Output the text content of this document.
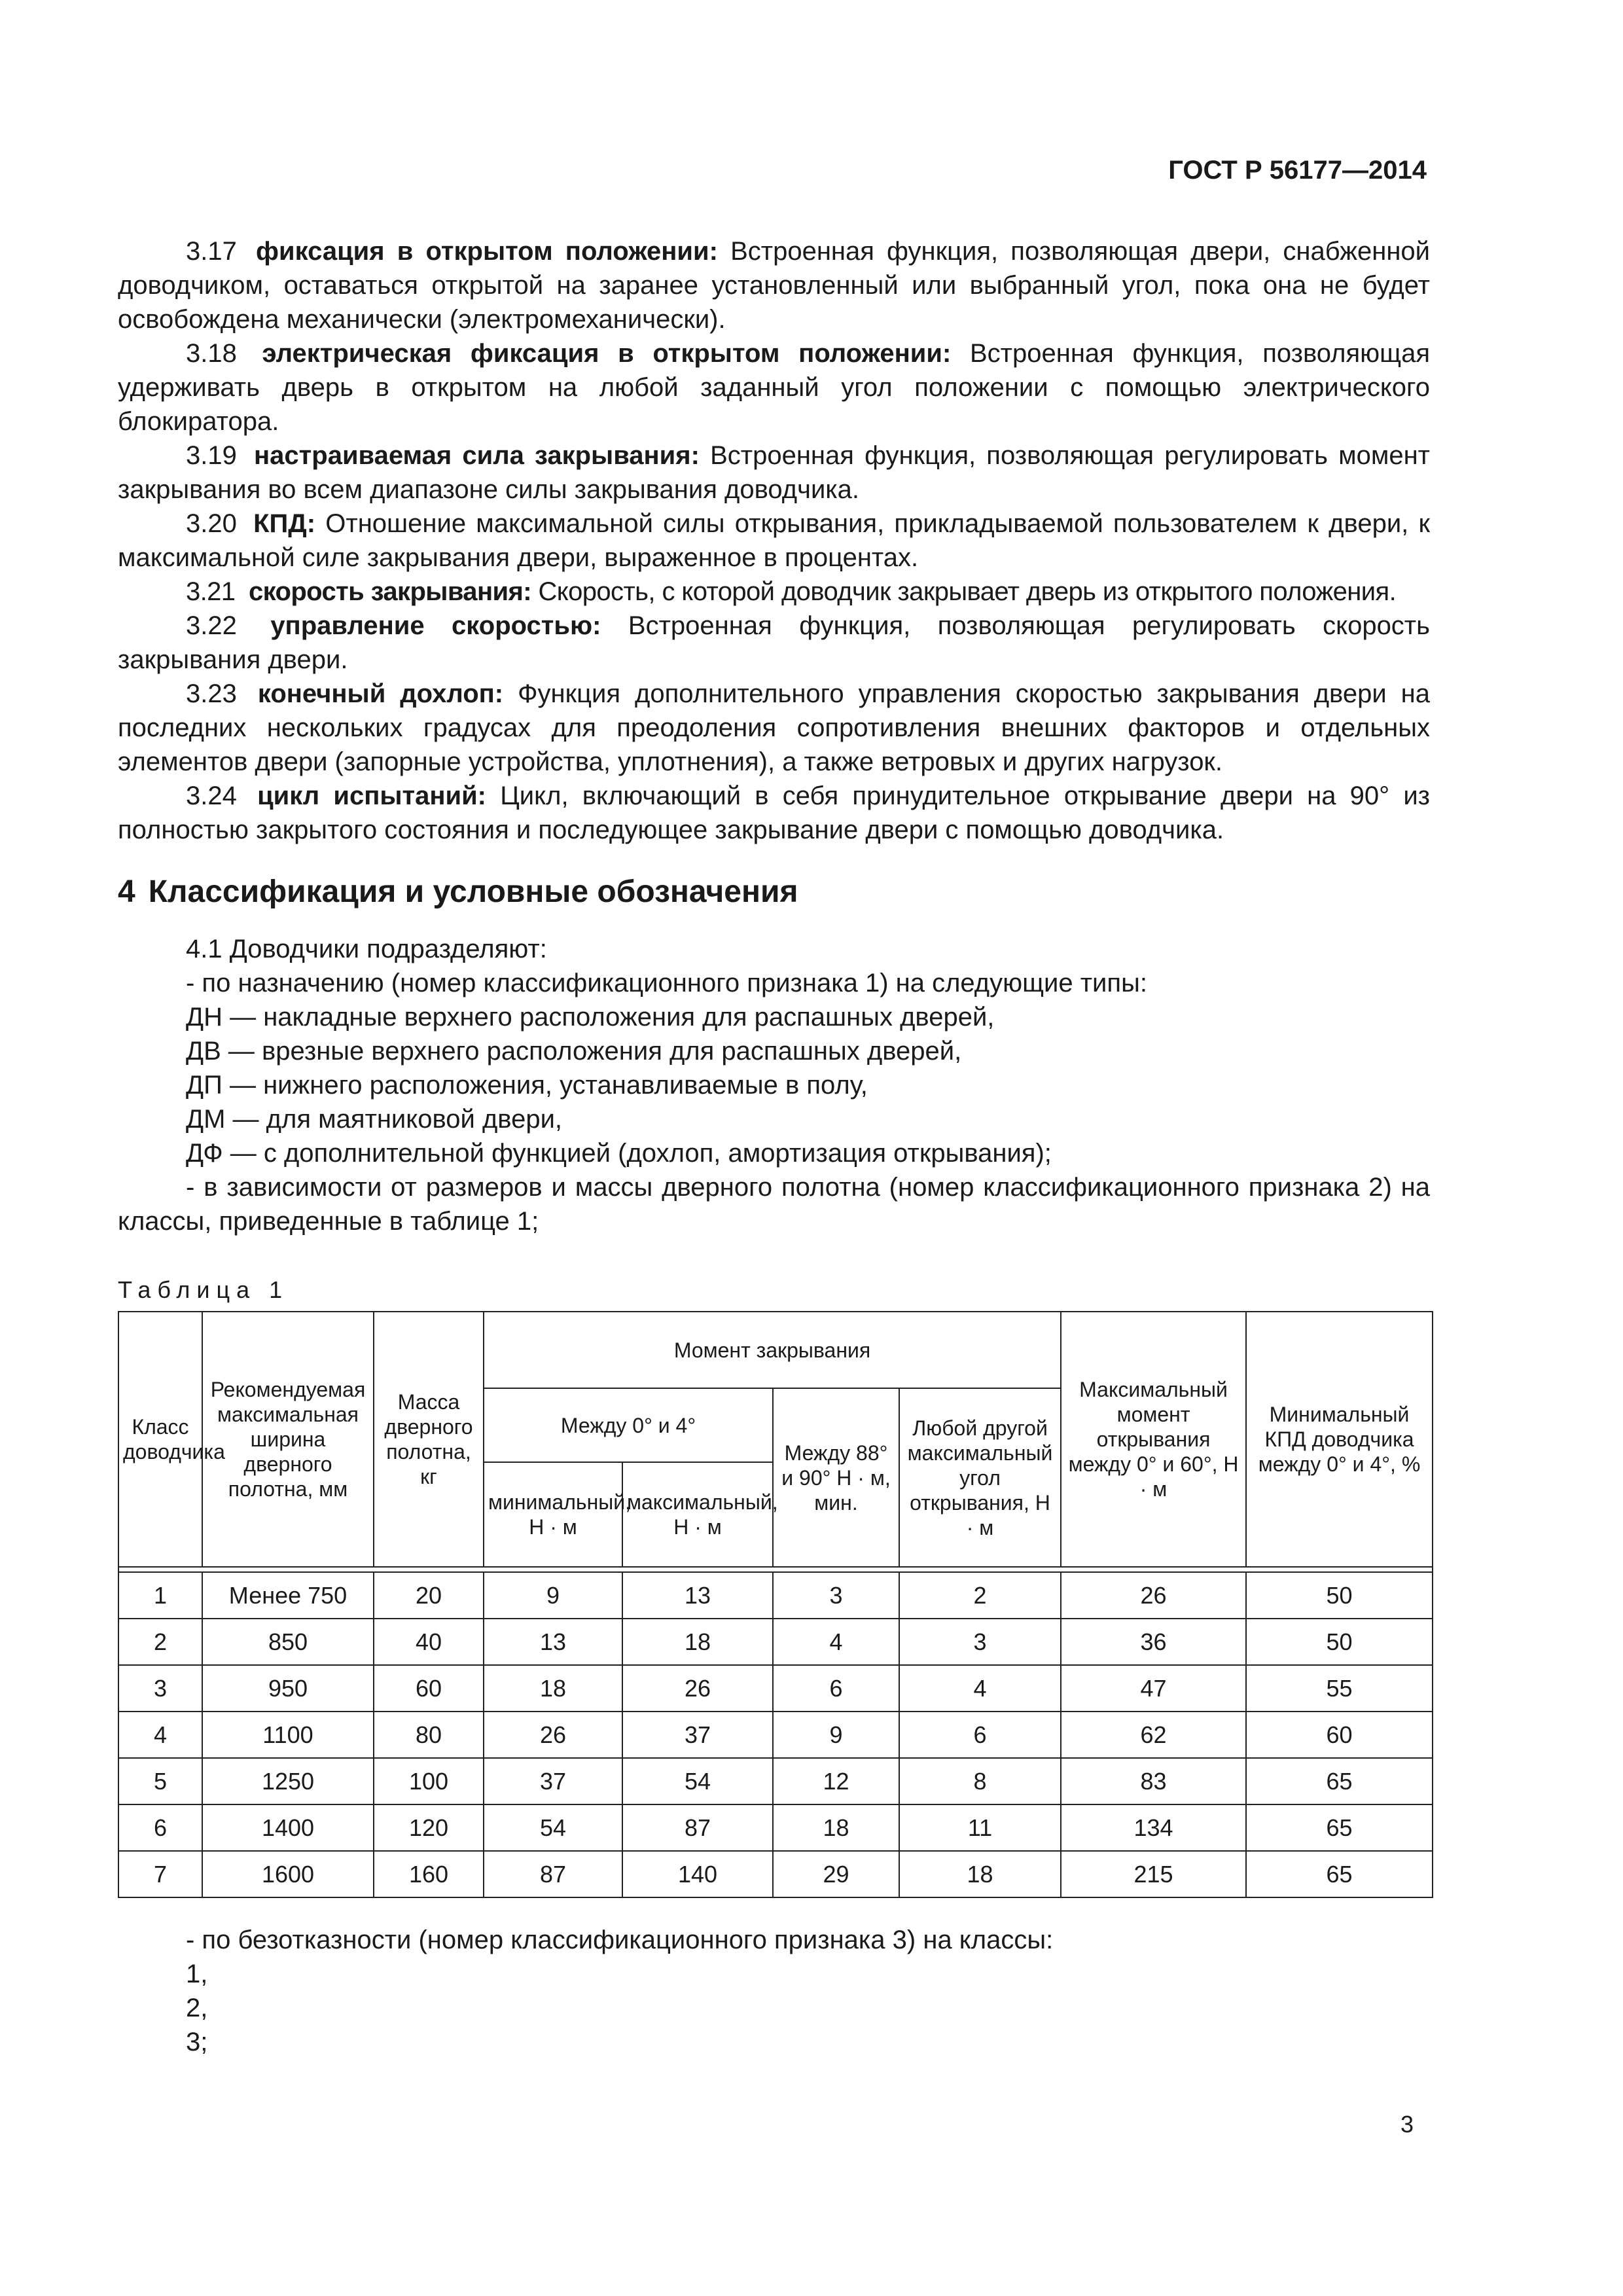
ГОСТ Р 56177—2014

3.17 фиксация в открытом положении: Встроенная функция, позволяющая двери, снабженной доводчиком, оставаться открытой на заранее установленный или выбранный угол, пока она не будет освобождена механически (электромеханически).

3.18 электрическая фиксация в открытом положении: Встроенная функция, позволяющая удерживать дверь в открытом на любой заданный угол положении с помощью электрического блокиратора.

3.19 настраиваемая сила закрывания: Встроенная функция, позволяющая регулировать момент закрывания во всем диапазоне силы закрывания доводчика.

3.20 КПД: Отношение максимальной силы открывания, прикладываемой пользователем к двери, к максимальной силе закрывания двери, выраженное в процентах.

3.21 скорость закрывания: Скорость, с которой доводчик закрывает дверь из открытого положения.

3.22 управление скоростью: Встроенная функция, позволяющая регулировать скорость закрывания двери.

3.23 конечный дохлоп: Функция дополнительного управления скоростью закрывания двери на последних нескольких градусах для преодоления сопротивления внешних факторов и отдельных элементов двери (запорные устройства, уплотнения), а также ветровых и других нагрузок.

3.24 цикл испытаний: Цикл, включающий в себя принудительное открывание двери на 90° из полностью закрытого состояния и последующее закрывание двери с помощью доводчика.

4 Классификация и условные обозначения

4.1 Доводчики подразделяют:

- по назначению (номер классификационного признака 1) на следующие типы:

ДН — накладные верхнего расположения для распашных дверей,

ДВ — врезные верхнего расположения для распашных дверей,

ДП — нижнего расположения, устанавливаемые в полу,

ДМ — для маятниковой двери,

ДФ — с дополнительной функцией (дохлоп, амортизация открывания);

- в зависимости от размеров и массы дверного полотна (номер классификационного признака 2) на классы, приведенные в таблице 1;

Таблица 1
Класс доводчика	Рекомендуемая максимальная ширина дверного полотна, мм	Масса дверного полотна, кг	Момент закрывания				Максимальный момент открывания между 0° и 60°, Н · м	Минимальный КПД доводчика между 0° и 4°, %
			Между 0° и 4°		Между 88° и 90° Н · м, мин.	Любой другой максимальный угол открывания, Н · м		
			минимальный, Н · м	максимальный, Н · м				

1	Менее 750	20	9	13	3	2	26	50
2	850	40	13	18	4	3	36	50
3	950	60	18	26	6	4	47	55
4	1100	80	26	37	9	6	62	60
5	1250	100	37	54	12	8	83	65
6	1400	120	54	87	18	11	134	65
7	1600	160	87	140	29	18	215	65

- по безотказности (номер классификационного признака 3) на классы:

1,

2,

3;

3
